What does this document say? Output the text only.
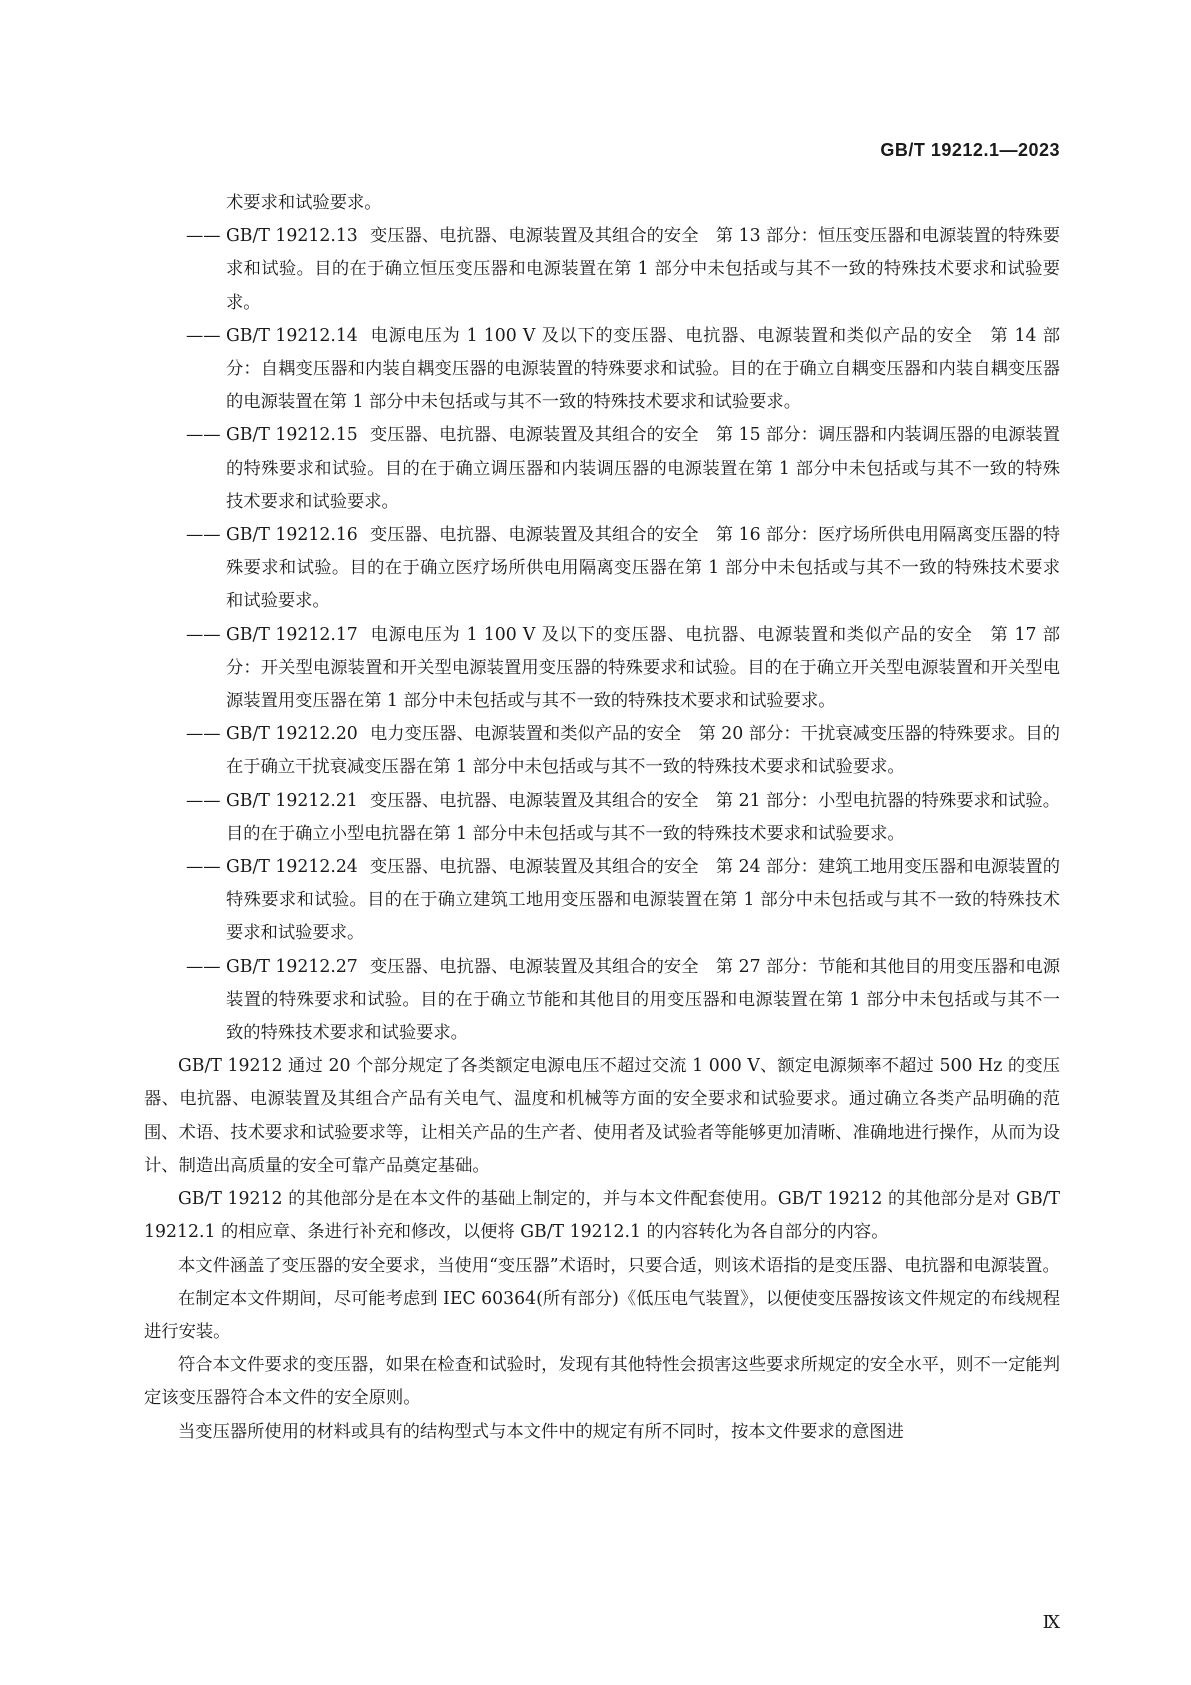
GB/T 19212.1—2023
术要求和试验要求。
—— GB/T 19212.13 变压器、电抗器、电源装置及其组合的安全　第 13 部分：恒压变压器和电源装置的特殊要求和试验。目的在于确立恒压变压器和电源装置在第 1 部分中未包括或与其不一致的特殊技术要求和试验要求。
—— GB/T 19212.14 电源电压为 1 100 V 及以下的变压器、电抗器、电源装置和类似产品的安全　第 14 部分：自耦变压器和内装自耦变压器的电源装置的特殊要求和试验。目的在于确立自耦变压器和内装自耦变压器的电源装置在第 1 部分中未包括或与其不一致的特殊技术要求和试验要求。
—— GB/T 19212.15 变压器、电抗器、电源装置及其组合的安全　第 15 部分：调压器和内装调压器的电源装置的特殊要求和试验。目的在于确立调压器和内装调压器的电源装置在第 1 部分中未包括或与其不一致的特殊技术要求和试验要求。
—— GB/T 19212.16 变压器、电抗器、电源装置及其组合的安全　第 16 部分：医疗场所供电用隔离变压器的特殊要求和试验。目的在于确立医疗场所供电用隔离变压器在第 1 部分中未包括或与其不一致的特殊技术要求和试验要求。
—— GB/T 19212.17 电源电压为 1 100 V 及以下的变压器、电抗器、电源装置和类似产品的安全　第 17 部分：开关型电源装置和开关型电源装置用变压器的特殊要求和试验。目的在于确立开关型电源装置和开关型电源装置用变压器在第 1 部分中未包括或与其不一致的特殊技术要求和试验要求。
—— GB/T 19212.20 电力变压器、电源装置和类似产品的安全　第 20 部分：干扰衰减变压器的特殊要求。目的在于确立干扰衰减变压器在第 1 部分中未包括或与其不一致的特殊技术要求和试验要求。
—— GB/T 19212.21 变压器、电抗器、电源装置及其组合的安全　第 21 部分：小型电抗器的特殊要求和试验。目的在于确立小型电抗器在第 1 部分中未包括或与其不一致的特殊技术要求和试验要求。
—— GB/T 19212.24 变压器、电抗器、电源装置及其组合的安全　第 24 部分：建筑工地用变压器和电源装置的特殊要求和试验。目的在于确立建筑工地用变压器和电源装置在第 1 部分中未包括或与其不一致的特殊技术要求和试验要求。
—— GB/T 19212.27 变压器、电抗器、电源装置及其组合的安全　第 27 部分：节能和其他目的用变压器和电源装置的特殊要求和试验。目的在于确立节能和其他目的用变压器和电源装置在第 1 部分中未包括或与其不一致的特殊技术要求和试验要求。

GB/T 19212 通过 20 个部分规定了各类额定电源电压不超过交流 1 000 V、额定电源频率不超过 500 Hz 的变压器、电抗器、电源装置及其组合产品有关电气、温度和机械等方面的安全要求和试验要求。通过确立各类产品明确的范围、术语、技术要求和试验要求等，让相关产品的生产者、使用者及试验者等能够更加清晰、准确地进行操作，从而为设计、制造出高质量的安全可靠产品奠定基础。

GB/T 19212 的其他部分是在本文件的基础上制定的，并与本文件配套使用。GB/T 19212 的其他部分是对 GB/T 19212.1 的相应章、条进行补充和修改，以便将 GB/T 19212.1 的内容转化为各自部分的内容。

本文件涵盖了变压器的安全要求，当使用“变压器”术语时，只要合适，则该术语指的是变压器、电抗器和电源装置。

在制定本文件期间，尽可能考虑到 IEC 60364(所有部分)《低压电气装置》，以便使变压器按该文件规定的布线规程进行安装。

符合本文件要求的变压器，如果在检查和试验时，发现有其他特性会损害这些要求所规定的安全水平，则不一定能判定该变压器符合本文件的安全原则。

当变压器所使用的材料或具有的结构型式与本文件中的规定有所不同时，按本文件要求的意图进

Ⅸ
